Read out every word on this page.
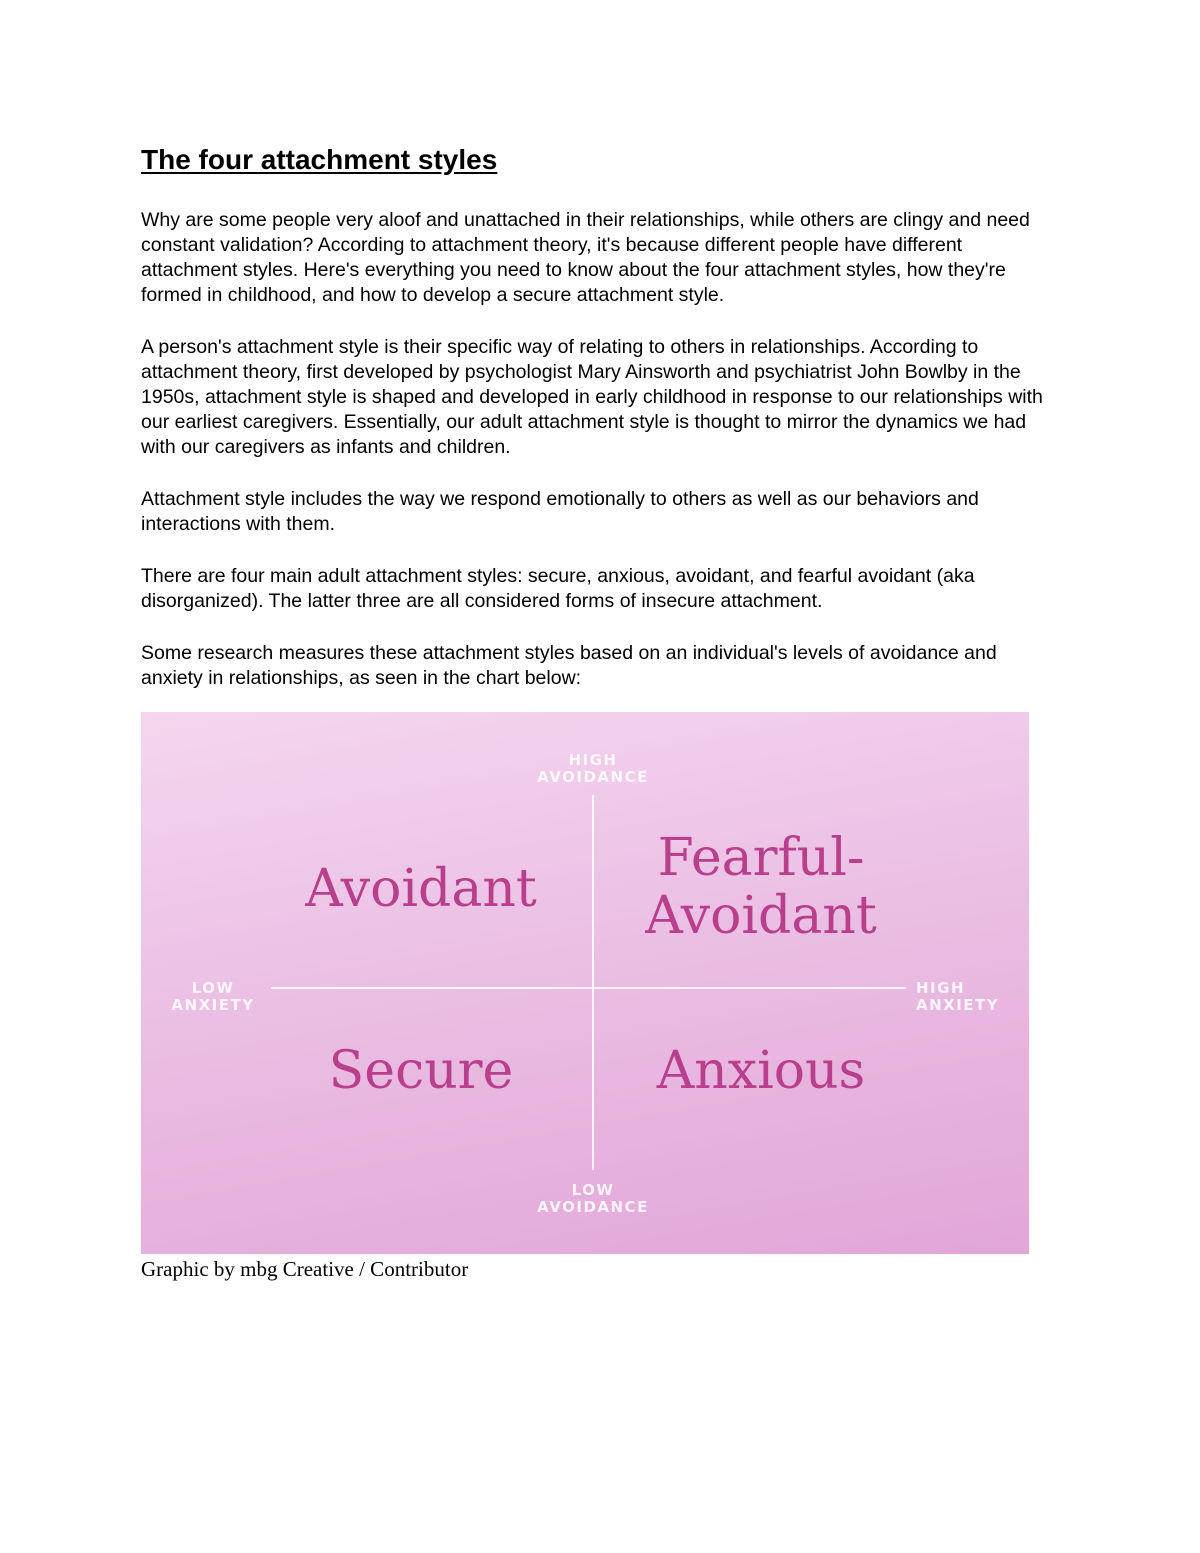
The four attachment styles

Why are some people very aloof and unattached in their relationships, while others are clingy and need constant validation? According to attachment theory, it's because different people have different attachment styles. Here's everything you need to know about the four attachment styles, how they're formed in childhood, and how to develop a secure attachment style.

A person's attachment style is their specific way of relating to others in relationships. According to attachment theory, first developed by psychologist Mary Ainsworth and psychiatrist John Bowlby in the 1950s, attachment style is shaped and developed in early childhood in response to our relationships with our earliest caregivers. Essentially, our adult attachment style is thought to mirror the dynamics we had with our caregivers as infants and children.

Attachment style includes the way we respond emotionally to others as well as our behaviors and interactions with them.

There are four main adult attachment styles: secure, anxious, avoidant, and fearful avoidant (aka disorganized). The latter three are all considered forms of insecure attachment.

Some research measures these attachment styles based on an individual's levels of avoidance and anxiety in relationships, as seen in the chart below:

HIGH
AVOIDANCE
LOW
AVOIDANCE
LOW
ANXIETY
HIGH
ANXIETY
Avoidant
Fearful-
Avoidant
Secure	Anxious
Graphic by mbg Creative / Contributor
